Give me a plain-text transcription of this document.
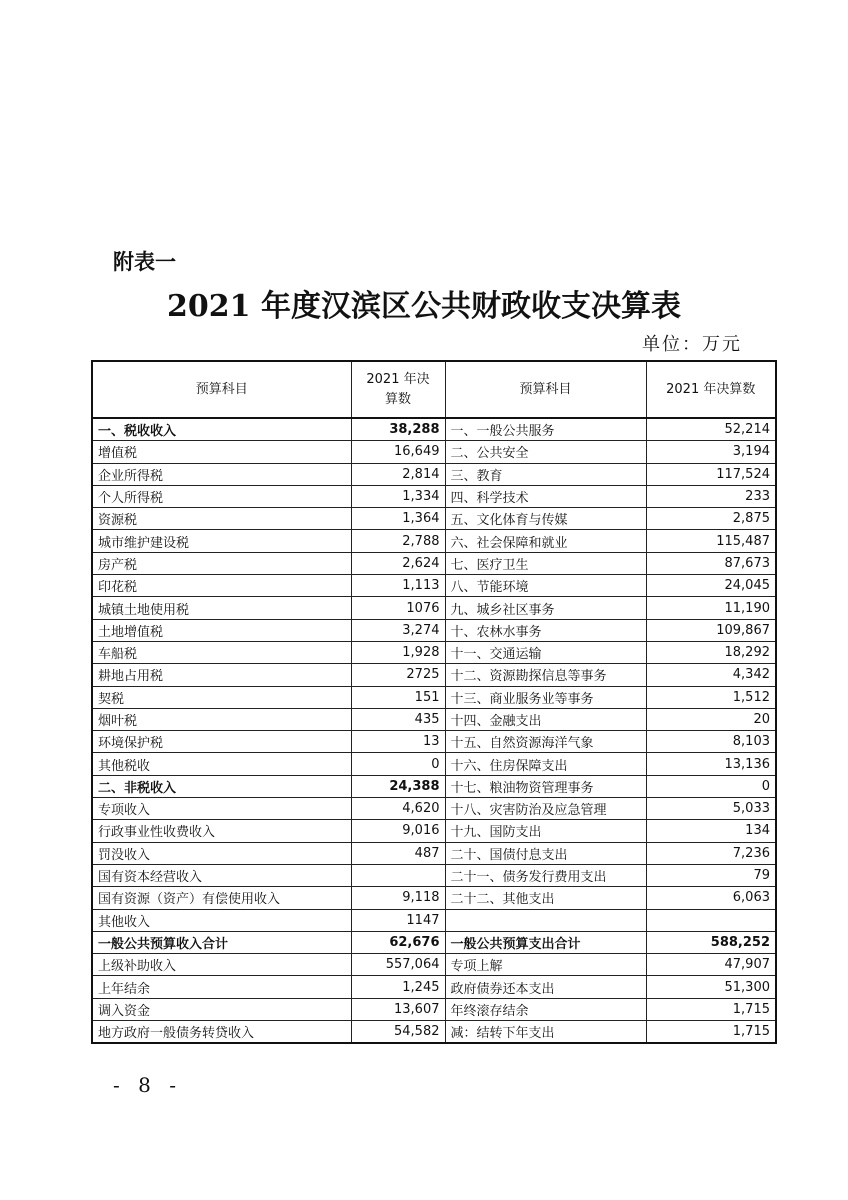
附表一
2021 年度汉滨区公共财政收支决算表
单位：万元
预算科目	2021 年决算数	预算科目	2021 年决算数
一、税收收入	38,288	一、一般公共服务	52,214
增值税	16,649	二、公共安全	3,194
企业所得税	2,814	三、教育	117,524
个人所得税	1,334	四、科学技术	233
资源税	1,364	五、文化体育与传媒	2,875
城市维护建设税	2,788	六、社会保障和就业	115,487
房产税	2,624	七、医疗卫生	87,673
印花税	1,113	八、节能环境	24,045
城镇土地使用税	1076	九、城乡社区事务	11,190
土地增值税	3,274	十、农林水事务	109,867
车船税	1,928	十一、交通运输	18,292
耕地占用税	2725	十二、资源勘探信息等事务	4,342
契税	151	十三、商业服务业等事务	1,512
烟叶税	435	十四、金融支出	20
环境保护税	13	十五、自然资源海洋气象	8,103
其他税收	0	十六、住房保障支出	13,136
二、非税收入	24,388	十七、粮油物资管理事务	0
专项收入	4,620	十八、灾害防治及应急管理	5,033
行政事业性收费收入	9,016	十九、国防支出	134
罚没收入	487	二十、国债付息支出	7,236
国有资本经营收入		二十一、债务发行费用支出	79
国有资源（资产）有偿使用收入	9,118	二十二、其他支出	6,063
其他收入	1147		
一般公共预算收入合计	62,676	一般公共预算支出合计	588,252
上级补助收入	557,064	专项上解	47,907
上年结余	1,245	政府债券还本支出	51,300
调入资金	13,607	年终滚存结余	1,715
地方政府一般债务转贷收入	54,582	减：结转下年支出	1,715
- 8 -
